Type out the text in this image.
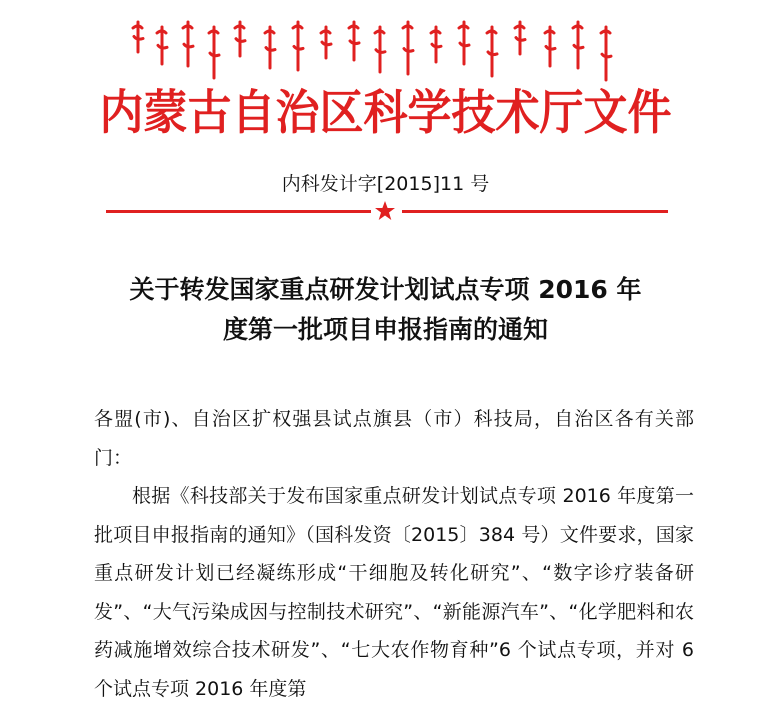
内蒙古自治区科学技术厅文件
内科发计字[2015]11 号
关于转发国家重点研发计划试点专项 2016 年
度第一批项目申报指南的通知

各盟(市)、自治区扩权强县试点旗县（市）科技局，自治区各有关部门：

根据《科技部关于发布国家重点研发计划试点专项 2016 年度第一批项目申报指南的通知》（国科发资〔2015〕384 号）文件要求，国家重点研发计划已经凝练形成“干细胞及转化研究”、“数字诊疗装备研发”、“大气污染成因与控制技术研究”、“新能源汽车”、“化学肥料和农药减施增效综合技术研发”、“七大农作物育种”6 个试点专项，并对 6 个试点专项 2016 年度第
